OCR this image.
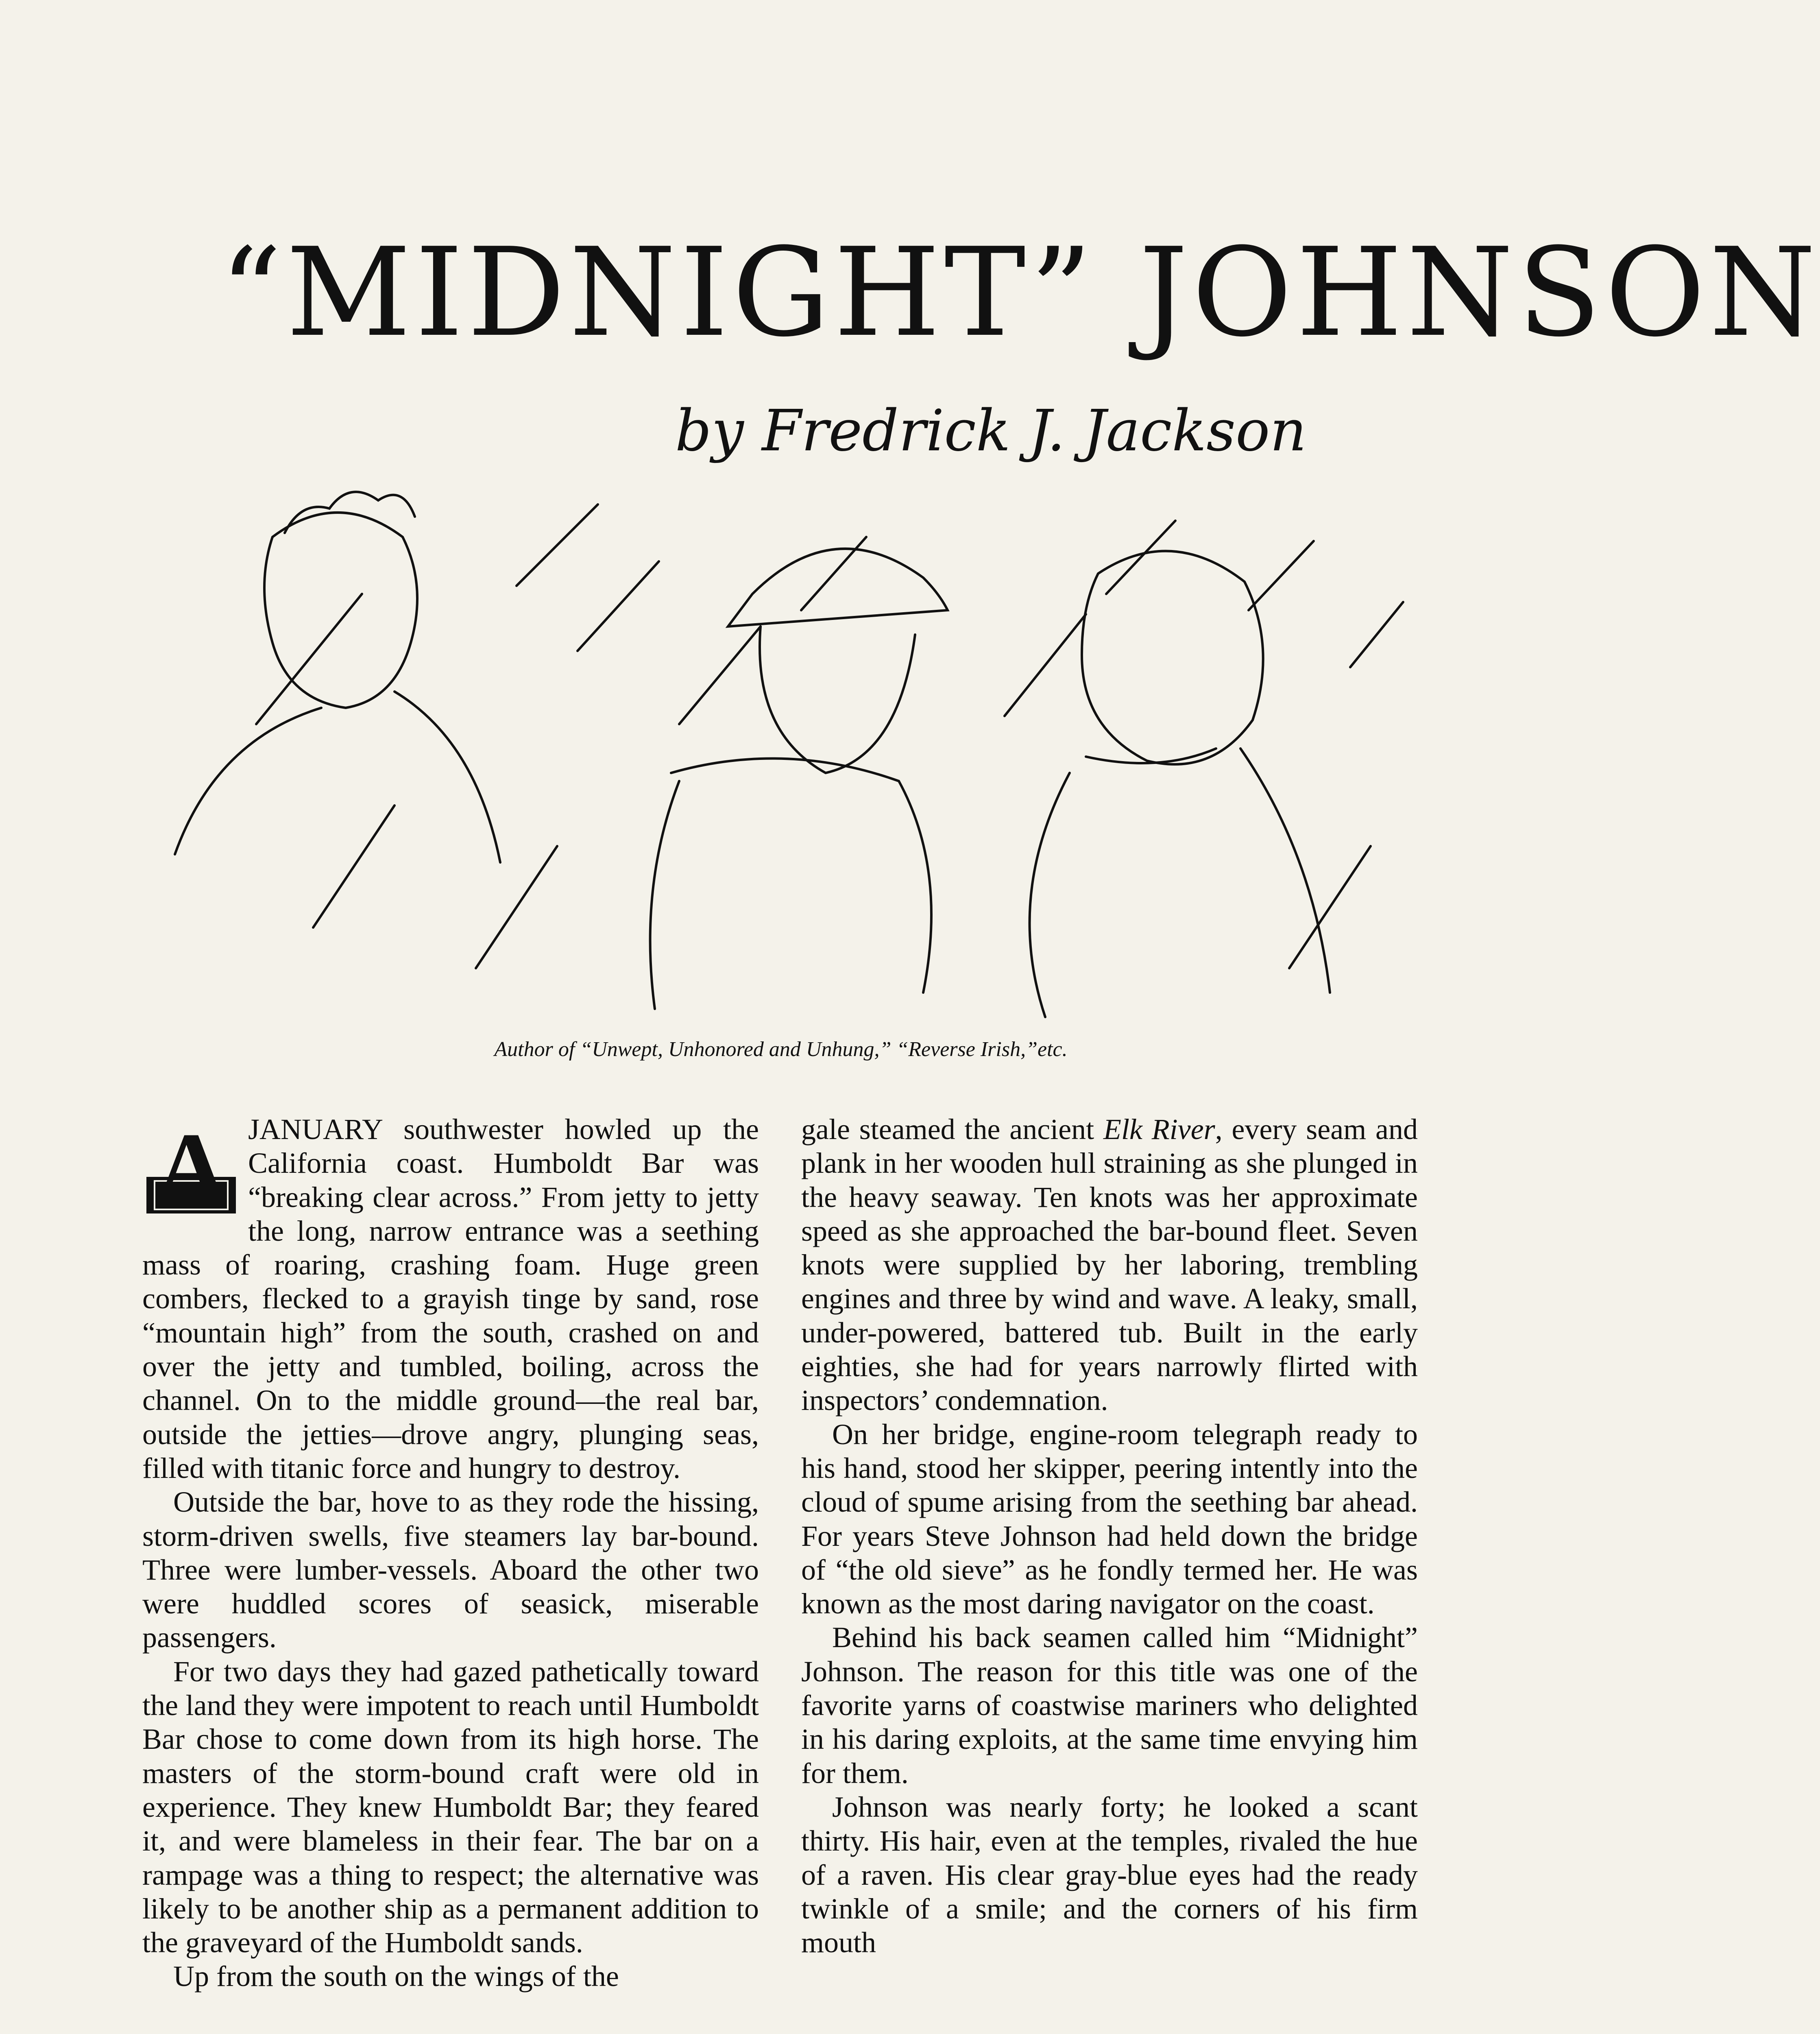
“MIDNIGHT” JOHNSON
by Fredrick J. Jackson
Author of “Unwept, Unhonored and Unhung,” “Reverse Irish,”etc.
A JANUARY southwester howled up the California coast. Humboldt Bar was “breaking clear across.” From jetty to jetty the long, narrow entrance was a seething mass of roaring, crashing foam. Huge green combers, flecked to a grayish tinge by sand, rose “mountain high” from the south, crashed on and over the jetty and tumbled, boiling, across the channel. On to the middle ground—the real bar, outside the jetties—drove angry, plunging seas, filled with titanic force and hungry to destroy.

Outside the bar, hove to as they rode the hissing, storm-driven swells, five steamers lay bar-bound. Three were lumber-vessels. Aboard the other two were huddled scores of seasick, miserable passengers.

For two days they had gazed pathetically toward the land they were impotent to reach until Humboldt Bar chose to come down from its high horse. The masters of the storm-bound craft were old in experience. They knew Humboldt Bar; they feared it, and were blameless in their fear. The bar on a rampage was a thing to respect; the alternative was likely to be another ship as a permanent addition to the graveyard of the Humboldt sands.

Up from the south on the wings of the

gale steamed the ancient Elk River, every seam and plank in her wooden hull straining as she plunged in the heavy seaway. Ten knots was her approximate speed as she approached the bar-bound fleet. Seven knots were supplied by her laboring, trembling engines and three by wind and wave. A leaky, small, under-powered, battered tub. Built in the early eighties, she had for years narrowly flirted with inspectors’ condemnation.

On her bridge, engine-room telegraph ready to his hand, stood her skipper, peering intently into the cloud of spume arising from the seething bar ahead. For years Steve Johnson had held down the bridge of “the old sieve” as he fondly termed her. He was known as the most daring navigator on the coast.

Behind his back seamen called him “Midnight” Johnson. The reason for this title was one of the favorite yarns of coastwise mariners who delighted in his daring exploits, at the same time envying him for them.

Johnson was nearly forty; he looked a scant thirty. His hair, even at the temples, rivaled the hue of a raven. His clear gray-blue eyes had the ready twinkle of a smile; and the corners of his firm mouth
